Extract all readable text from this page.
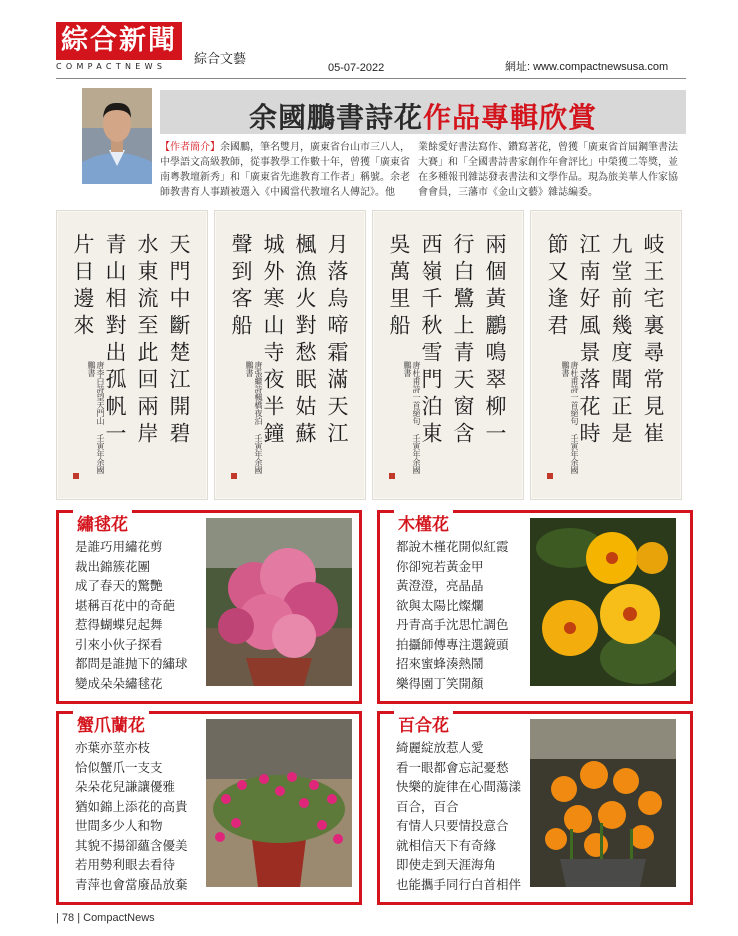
綜合新聞
COMPACTNEWS	綜合文藝
05-07-2022	網址: www.compactnewsusa.com
余國鵬書詩花作品專輯欣賞
【作者簡介】余國鵬，筆名雙月，廣東省台山市三八人，中學語文高級教師，從事教學工作數十年，曾獲「廣東省南粵教壇新秀」和「廣東省先進教育工作者」稱號。余老師教書育人事蹟被選入《中國當代教壇名人傳記》。他
業餘愛好書法寫作、鑽寫著花，曾獲「廣東省首屆鋼筆書法大賽」和「全國書詩書家創作年會評比」中榮獲二等獎，並在多種報刊雜誌發表書法和文學作品。現為旅美華人作家協會會員，三藩市《金山文藝》雜誌編委。
天門中斷楚江開碧
水東流至此回兩岸
青山相對出孤帆一
片日邊來
唐李白詩望天門山 壬寅年余國鵬書	月落烏啼霜滿天江
楓漁火對愁眠姑蘇
城外寒山寺夜半鐘
聲到客船
唐張繼詩楓橋夜泊 壬寅年余國鵬書	兩個黃鸝鳴翠柳一
行白鷺上青天窗含
西嶺千秋雪門泊東
吳萬里船
唐杜甫詩一首絕句 壬寅年余國鵬書	岐王宅裏尋常見崔
九堂前幾度聞正是
江南好風景落花時
節又逢君
唐杜甫詩一首絕句 壬寅年余國鵬書
繡毬花
是誰巧用繡花剪
裁出錦簇花團
成了春天的驚艷
堪稱百花中的奇葩
惹得蝴蝶兒起舞
引來小伙子探看
都問是誰抛下的繡球
變成朵朵繡毬花
木槿花
都說木槿花開似紅霞
你卻宛若黃金甲
黃澄澄，亮晶晶
欲與太陽比燦爛
丹青高手沈思忙調色
拍攝師傅專注選鏡頭
招來蜜蜂湊熱鬧
樂得園丁笑開顏
蟹爪蘭花
亦葉亦莖亦枝
恰似蟹爪一支支
朵朵花兒謙讓優雅
猶如錦上添花的高貴
世間多少人和物
其貌不揚卻蘊含優美
若用勢利眼去看待
青萍也會當廢品放棄
百合花
綺麗綻放惹人愛
看一眼都會忘記憂愁
快樂的旋律在心間蕩漾
百合，百合
有情人只要情投意合
就相信天下有奇緣
即使走到天涯海角
也能攜手同行白首相伴
| 78 | CompactNews
